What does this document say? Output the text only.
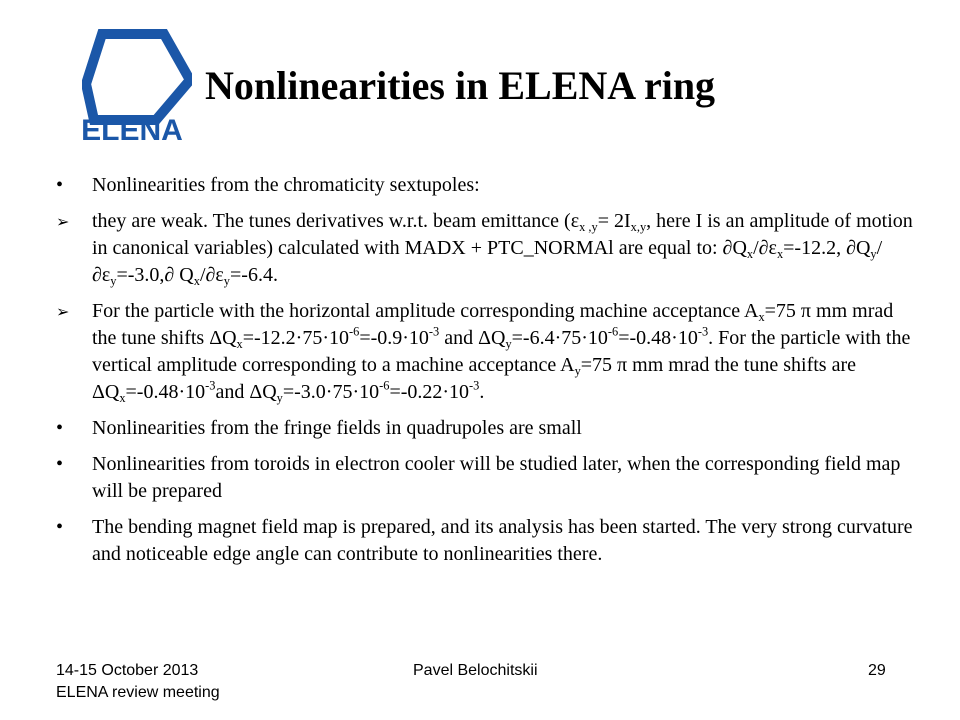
ELENA
Nonlinearities in ELENA ring
•	Nonlinearities from the chromaticity sextupoles:
➢	they are weak. The tunes derivatives w.r.t. beam emittance ($\varepsilon_{x ,y}= 2I_{x,y}$, here I is an amplitude of motion in canonical variables) calculated with MADX + PTC_NORMAl are equal to: $\partial Q_x/\partial\varepsilon_x=-12.2$, $\partial Q_y/\partial\varepsilon_y=-3.0,\partial$ $Q_x/\partial\varepsilon_y=-6.4$.
➢	For the particle with the horizontal amplitude corresponding machine acceptance $A_x=75$ π mm mrad the tune shifts $\Delta Q_x=-12.2\cdot 75\cdot 10^{-6}=-0.9\cdot 10^{-3}$ and $\Delta Q_y=-6.4\cdot 75\cdot 10^{-6}=-0.48\cdot 10^{-3}$. For the particle with the vertical amplitude corresponding to a machine acceptance $A_y=75$ π mm mrad the tune shifts are $\Delta Q_x=-0.48\cdot 10^{-3}and$ $\Delta Q_y=-3.0\cdot 75\cdot 10^{-6}=-0.22\cdot 10^{-3}$.
•	Nonlinearities from the fringe fields in quadrupoles are small
•	Nonlinearities from toroids in electron cooler will be studied later, when the corresponding field map will be prepared
•	The bending magnet field map is prepared, and its analysis has been started. The very strong curvature and noticeable edge angle can contribute to nonlinearities there.
14-15 October 2013
ELENA review meeting
Pavel Belochitskii	29
